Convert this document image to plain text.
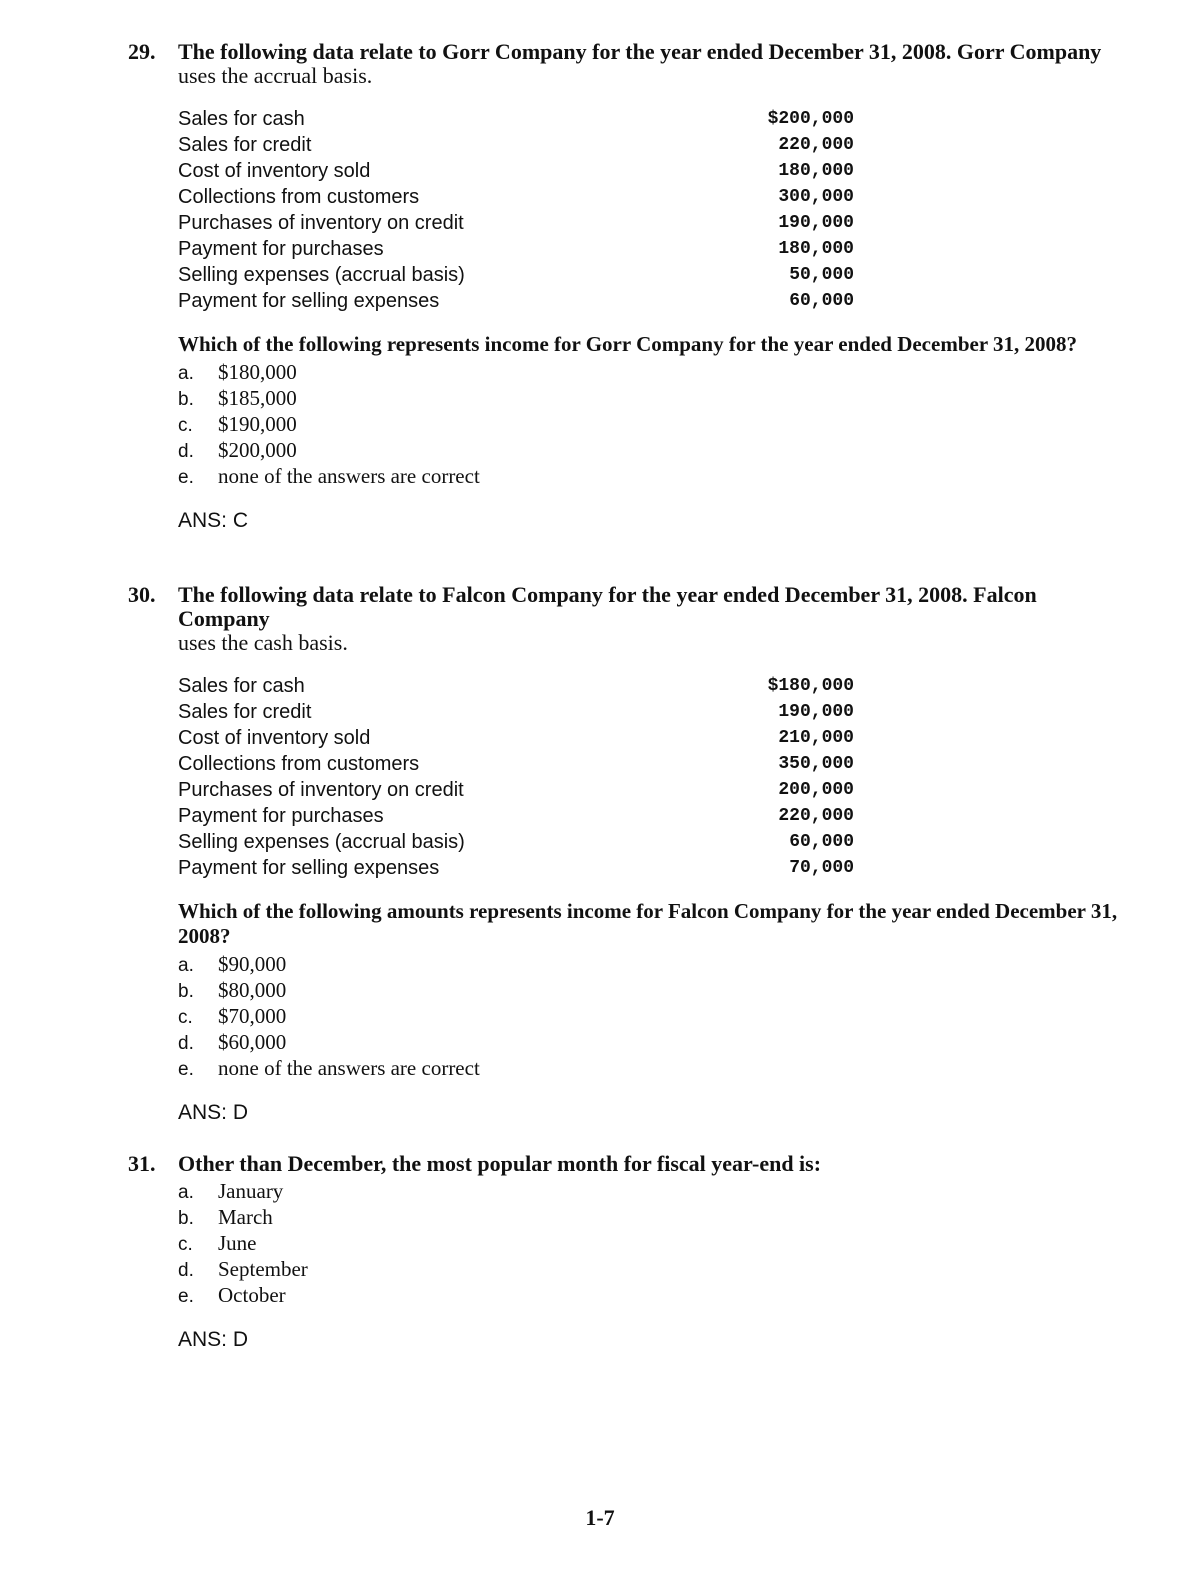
29. The following data relate to Gorr Company for the year ended December 31, 2008. Gorr Company
uses the accrual basis.
Sales for cash	$200,000
Sales for credit	220,000
Cost of inventory sold	180,000
Collections from customers	300,000
Purchases of inventory on credit	190,000
Payment for purchases	180,000
Selling expenses (accrual basis)	50,000
Payment for selling expenses	60,000
Which of the following represents income for Gorr Company for the year ended December 31, 2008?
a. $180,000
b. $185,000
c. $190,000
d. $200,000
e. none of the answers are correct
ANS: C
30. The following data relate to Falcon Company for the year ended December 31, 2008. Falcon Company
uses the cash basis.
Sales for cash	$180,000
Sales for credit	190,000
Cost of inventory sold	210,000
Collections from customers	350,000
Purchases of inventory on credit	200,000
Payment for purchases	220,000
Selling expenses (accrual basis)	60,000
Payment for selling expenses	70,000
Which of the following amounts represents income for Falcon Company for the year ended December 31, 2008?
a. $90,000
b. $80,000
c. $70,000
d. $60,000
e. none of the answers are correct
ANS: D
31. Other than December, the most popular month for fiscal year-end is:
a. January
b. March
c. June
d. September
e. October
ANS: D
1-7
